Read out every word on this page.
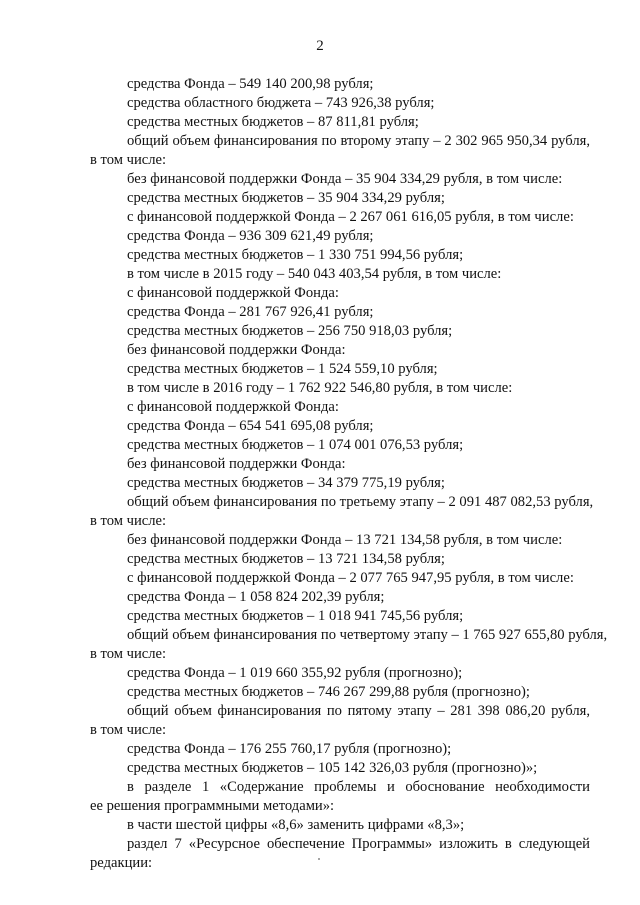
2
средства Фонда – 549 140 200,98 рубля;
средства областного бюджета – 743 926,38 рубля;
средства местных бюджетов – 87 811,81 рубля;
общий объем финансирования по второму этапу – 2 302 965 950,34 рубля,
в том числе:
без финансовой поддержки Фонда – 35 904 334,29 рубля, в том числе:
средства местных бюджетов – 35 904 334,29 рубля;
с финансовой поддержкой Фонда – 2 267 061 616,05 рубля, в том числе:
средства Фонда – 936 309 621,49 рубля;
средства местных бюджетов – 1 330 751 994,56 рубля;
в том числе в 2015 году – 540 043 403,54 рубля, в том числе:
с финансовой поддержкой Фонда:
средства Фонда – 281 767 926,41 рубля;
средства местных бюджетов – 256 750 918,03 рубля;
без финансовой поддержки Фонда:
средства местных бюджетов – 1 524 559,10 рубля;
в том числе в 2016 году – 1 762 922 546,80 рубля, в том числе:
с финансовой поддержкой Фонда:
средства Фонда – 654 541 695,08 рубля;
средства местных бюджетов – 1 074 001 076,53 рубля;
без финансовой поддержки Фонда:
средства местных бюджетов – 34 379 775,19 рубля;
общий объем финансирования по третьему этапу – 2 091 487 082,53 рубля,
в том числе:
без финансовой поддержки Фонда – 13 721 134,58 рубля, в том числе:
средства местных бюджетов – 13 721 134,58 рубля;
с финансовой поддержкой Фонда – 2 077 765 947,95 рубля, в том числе:
средства Фонда – 1 058 824 202,39 рубля;
средства местных бюджетов – 1 018 941 745,56 рубля;
общий объем финансирования по четвертому этапу – 1 765 927 655,80 рубля,
в том числе:
средства Фонда – 1 019 660 355,92 рубля (прогнозно);
средства местных бюджетов – 746 267 299,88 рубля (прогнозно);
общий объем финансирования по пятому этапу – 281 398 086,20 рубля,
в том числе:
средства Фонда – 176 255 760,17 рубля (прогнозно);
средства местных бюджетов – 105 142 326,03 рубля (прогнозно)»;
в разделе 1 «Содержание проблемы и обоснование необходимости
ее решения программными методами»:
в части шестой цифры «8,6» заменить цифрами «8,3»;
раздел 7 «Ресурсное обеспечение Программы» изложить в следующей
редакции:
